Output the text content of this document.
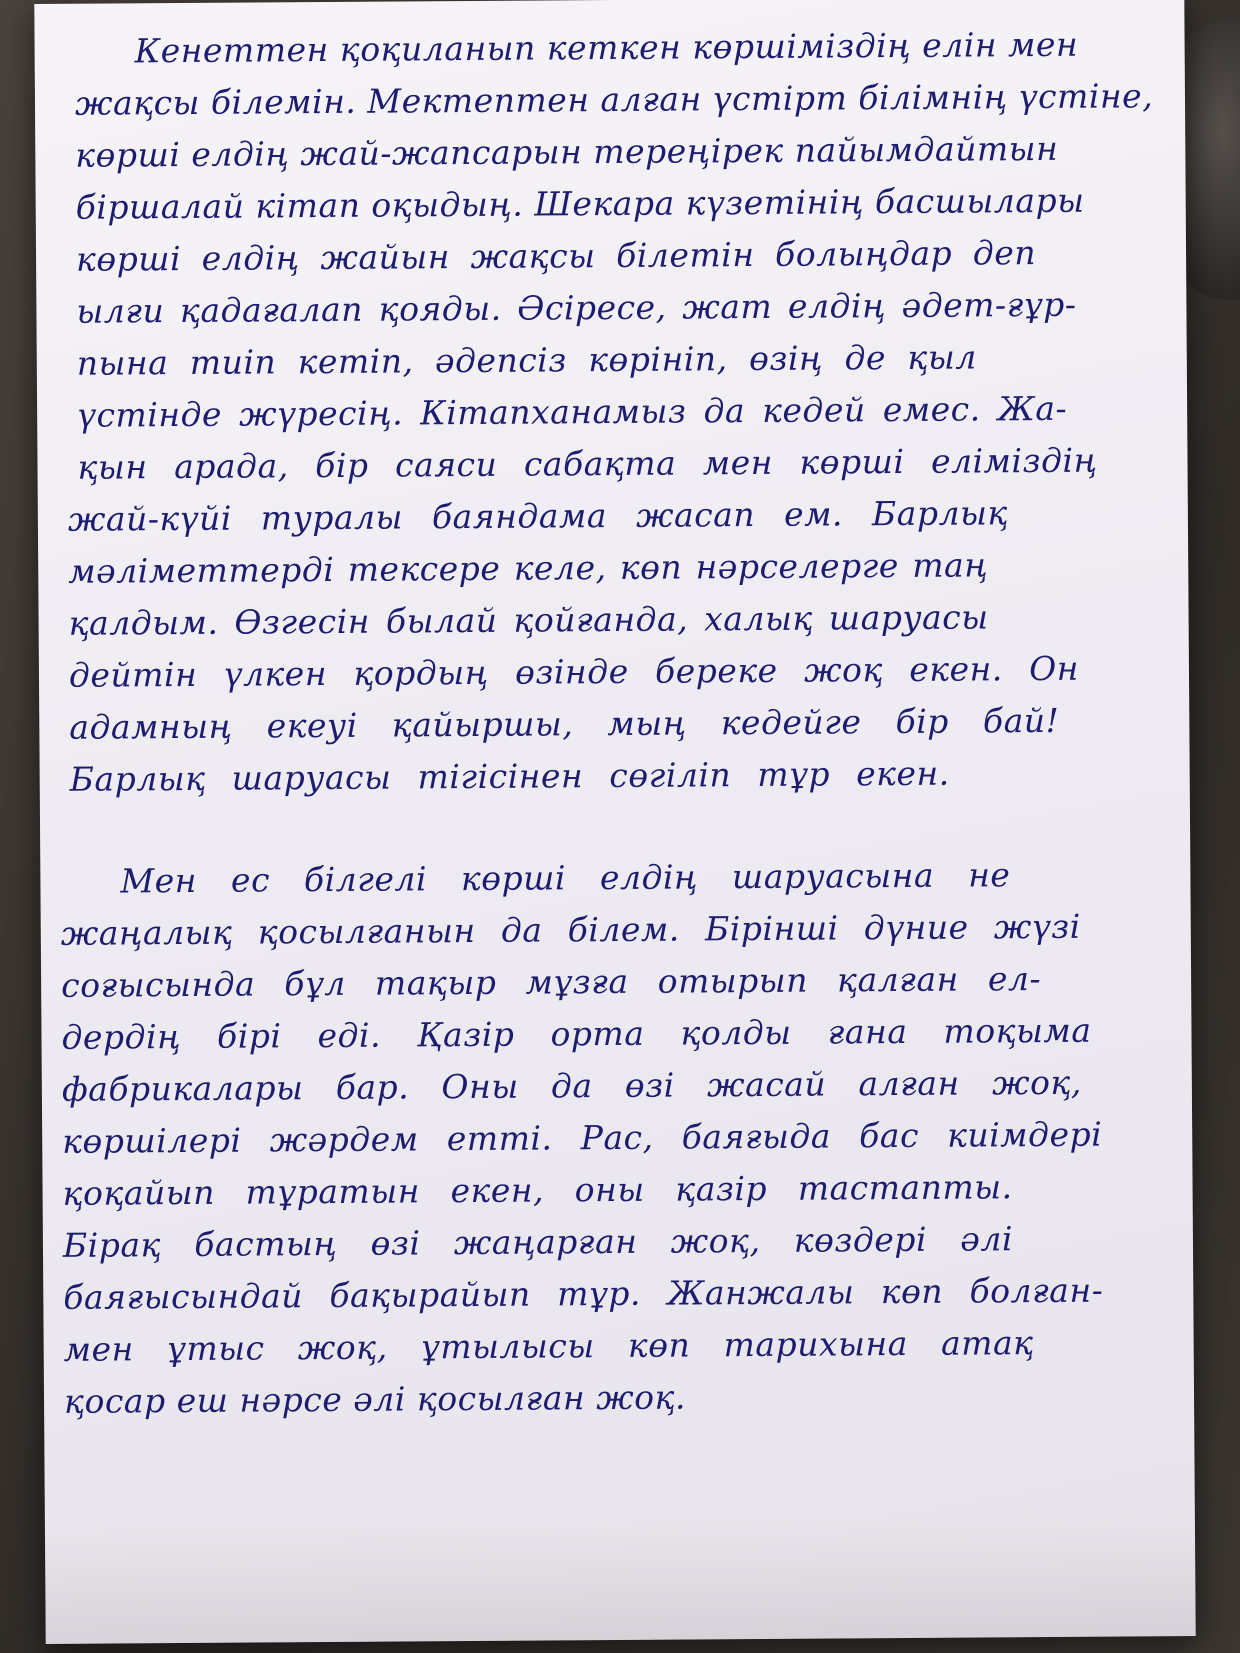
Кенеттен қоқиланып кеткен көршіміздің елін мен
жақсы білемін. Мектептен алған үстірт білімнің үстіне,
көрші елдің жай-жапсарын тереңірек пайымдайтын
біршалай кітап оқыдың. Шекара күзетінің басшылары
көрші елдің жайын жақсы білетін болыңдар деп
ылғи қадағалап қояды. Әсіресе, жат елдің әдет-ғұр-
пына тиіп кетіп, әдепсіз көрініп, өзің де қыл
үстінде жүресің. Кітапханамыз да кедей емес. Жа-
қын арада, бір саяси сабақта мен көрші еліміздің
жай-күйі туралы баяндама жасап ем. Барлық
мәліметтерді тексере келе, көп нәрселерге таң
қалдым. Өзгесін былай қойғанда, халық шаруасы
дейтін үлкен қордың өзінде береке жоқ екен. Он
адамның екеуі қайыршы, мың кедейге бір бай!
Барлық шаруасы тігісінен сөгіліп тұр екен.
Мен ес білгелі көрші елдің шаруасына не
жаңалық қосылғанын да білем. Бірінші дүние жүзі
соғысында бұл тақыр мұзға отырып қалған ел-
дердің бірі еді. Қазір орта қолды ғана тоқыма
фабрикалары бар. Оны да өзі жасай алған жоқ,
көршілері жәрдем етті. Рас, баяғыда бас киімдері
қоқайып тұратын екен, оны қазір тастапты.
Бірақ бастың өзі жаңарған жоқ, көздері әлі
баяғысындай бақырайып тұр. Жанжалы көп болған-
мен ұтыс жоқ, ұтылысы көп тарихына атақ
қосар еш нәрсе әлі қосылған жоқ.
